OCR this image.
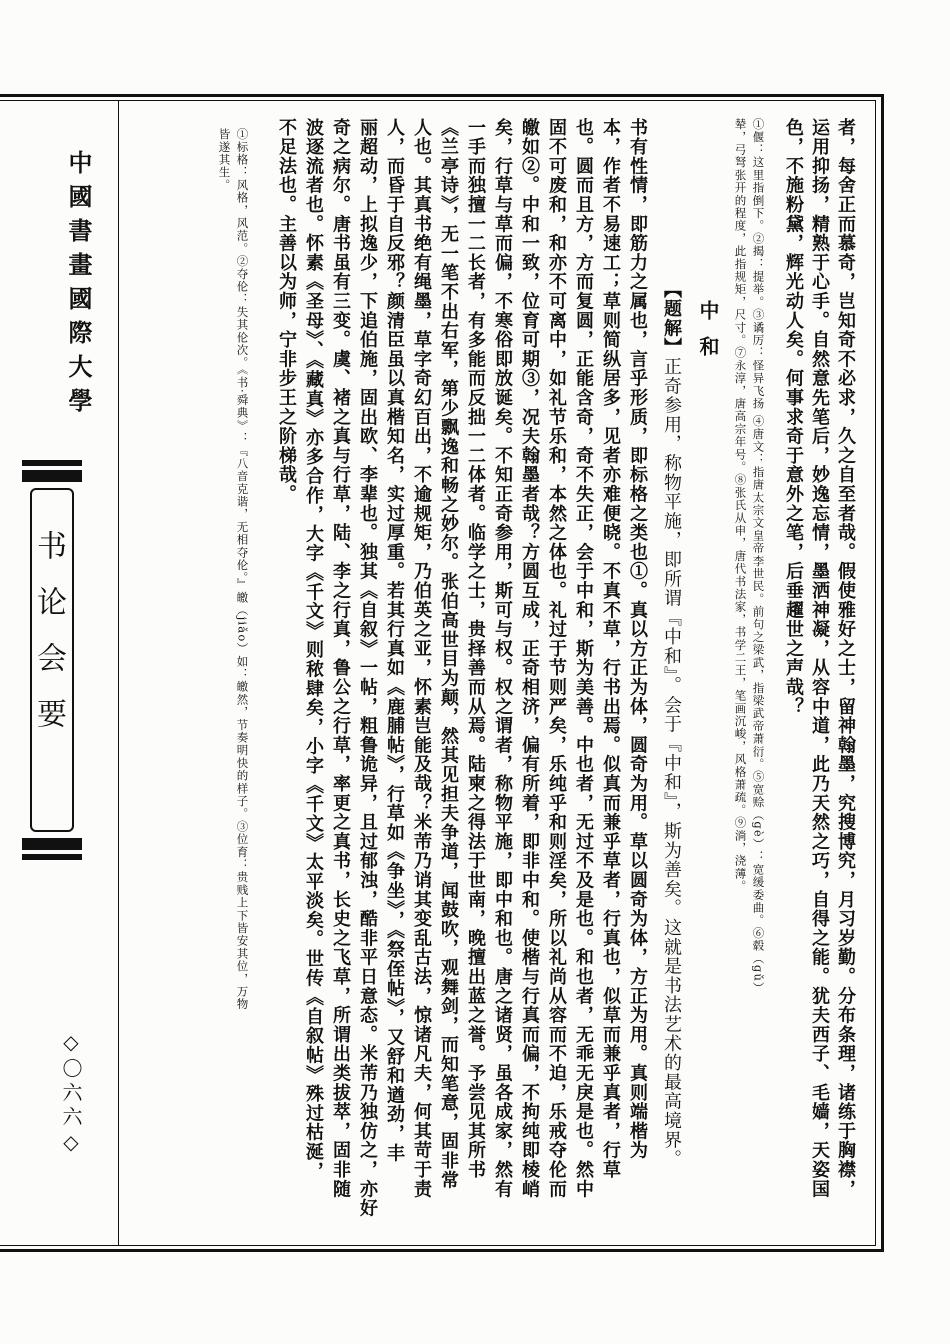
中國書畫國際大學
书论会要
◇〇六六◇	者，每舍正而慕奇，岂知奇不必求，久之自至者哉。假使雅好之士，留神翰墨，究搜博究，月习岁勤。分布条理，诸练于胸襟，
运用抑扬，精熟于心手。自然意先笔后，妙逸忘情，墨洒神凝，从容中道，此乃天然之巧，自得之能。犹夫西子、毛嫱，天姿国
色，不施粉黛，辉光动人矣。何事求奇于意外之笔，后垂趯世之声哉？
①偃：这里指倒下。②揭：提举。③谲厉：怪异飞扬 ④唐文：指唐太宗文皇帝李世民。前句之梁武，指梁武帝萧衍。⑤宽赊（ɡè）：宽缓委曲。⑥毂（ɡǔ）
辇，弓弩张开的程度，此指规矩，尺寸。⑦永淳，唐高宗年号。⑧张氏从申，唐代书法家，书学二王，笔画沉峻，风格萧疏。⑨淌，浇薄。
中和
【题解】正奇参用，称物平施，即所谓『中和』。会于『中和』，斯为善矣。这就是书法艺术的最高境界。
书有性情，即筋力之属也，言乎形质，即标格之类也①。真以方正为体，圆奇为用。草以圆奇为体，方正为用。真则端楷为
本，作者不易速工；草则简纵居多，见者亦难便晓。不真不草，行书出焉。似真而兼乎草者，行真也，似草而兼乎真者，行草
也。圆而且方，方而复圆，正能含奇，奇不失正，会于中和，斯为美善。中也者，无过不及是也。和也者，无乖无戾是也。然中
固不可废和，和亦不可离中，如礼节乐和，本然之体也。礼过于节则严矣，乐纯乎和则淫矣，所以礼尚从容而不迫，乐戒夺伦而
皦如②。中和一致，位育可期③，况夫翰墨者哉？方圆互成，正奇相济，偏有所着，即非中和。使楷与行真而偏，不拘纯即棱峭
矣，行草与草而偏，不寒俗即放诞矣。不知正奇参用，斯可与权。权之谓者，称物平施，即中和也。唐之诸贤，虽各成家，然有
一手而独擅一二长者，有多能而反拙一二体者。临学之士，贵择善而从焉。陆柬之得法于世南，晚擅出蓝之誉。予尝见其所书
《兰亭诗》，无一笔不出右军，第少飘逸和畅之妙尔。张伯高世目为颠，然其见担夫争道，闻鼓吹，观舞剑，而知笔意，固非常
人也。其真书绝有绳墨，草字奇幻百出，不逾规矩，乃伯英之亚，怀素岂能及哉？米芾乃诮其变乱古法，惊诸凡夫，何其苛于责
人，而昏于自反邪？颜清臣虽以真楷知名，实过厚重。若其行真如《鹿脯帖》，行草如《争坐》，《祭侄帖》，又舒和遒劲，丰
丽超动，上拟逸少，下追伯施，固出欧、李辈也。独其《自叙》一帖，粗鲁诡异，且过郁浊，酷非平日意态。米芾乃独仿之，亦好
奇之病尔。唐书虽有三变。虞、褚之真与行草，陆、李之行真，鲁公之行草，率更之真书，长史之飞草，所谓出类拔萃，固非随
波逐流者也。怀素《圣母》、《藏真》亦多合作，大字《千文》则秾肆矣，小字《千文》太平淡矣。世传《自叙帖》殊过枯涎，
不足法也。主善以为师，宁非步王之阶梯哉。
①标格：风格，风范。②夺伦：失其伦次。《书·舜典》：『八音克谐，无相夺伦。』皦（jiǎo）如：皦然，节奏明快的样子。③位育：贵贱上下皆安其位，万物
皆遂其生。
